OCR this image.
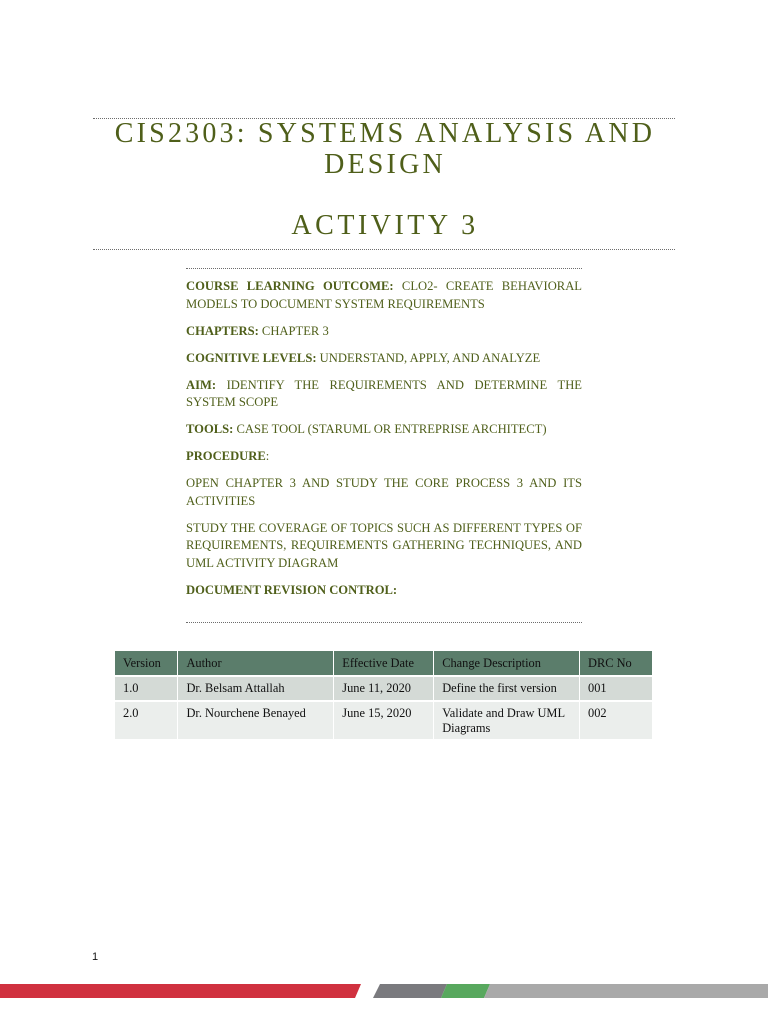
CIS2303: SYSTEMS ANALYSIS AND
DESIGN
ACTIVITY 3

COURSE LEARNING OUTCOME: CLO2- CREATE BEHAVIORAL MODELS TO DOCUMENT SYSTEM REQUIREMENTS

CHAPTERS: CHAPTER 3

COGNITIVE LEVELS: UNDERSTAND, APPLY, AND ANALYZE

AIM: IDENTIFY THE REQUIREMENTS AND DETERMINE THE SYSTEM SCOPE

TOOLS: CASE TOOL (STARUML OR ENTREPRISE ARCHITECT)

PROCEDURE:

OPEN CHAPTER 3 AND STUDY THE CORE PROCESS 3 AND ITS ACTIVITIES

STUDY THE COVERAGE OF TOPICS SUCH AS DIFFERENT TYPES OF REQUIREMENTS, REQUIREMENTS GATHERING TECHNIQUES, AND UML ACTIVITY DIAGRAM

DOCUMENT REVISION CONTROL:

Version	Author	Effective Date	Change Description	DRC No
1.0	Dr. Belsam Attallah	June 11, 2020	Define the first version	001
2.0	Dr. Nourchene Benayed	June 15, 2020	Validate and Draw UML Diagrams	002
1
